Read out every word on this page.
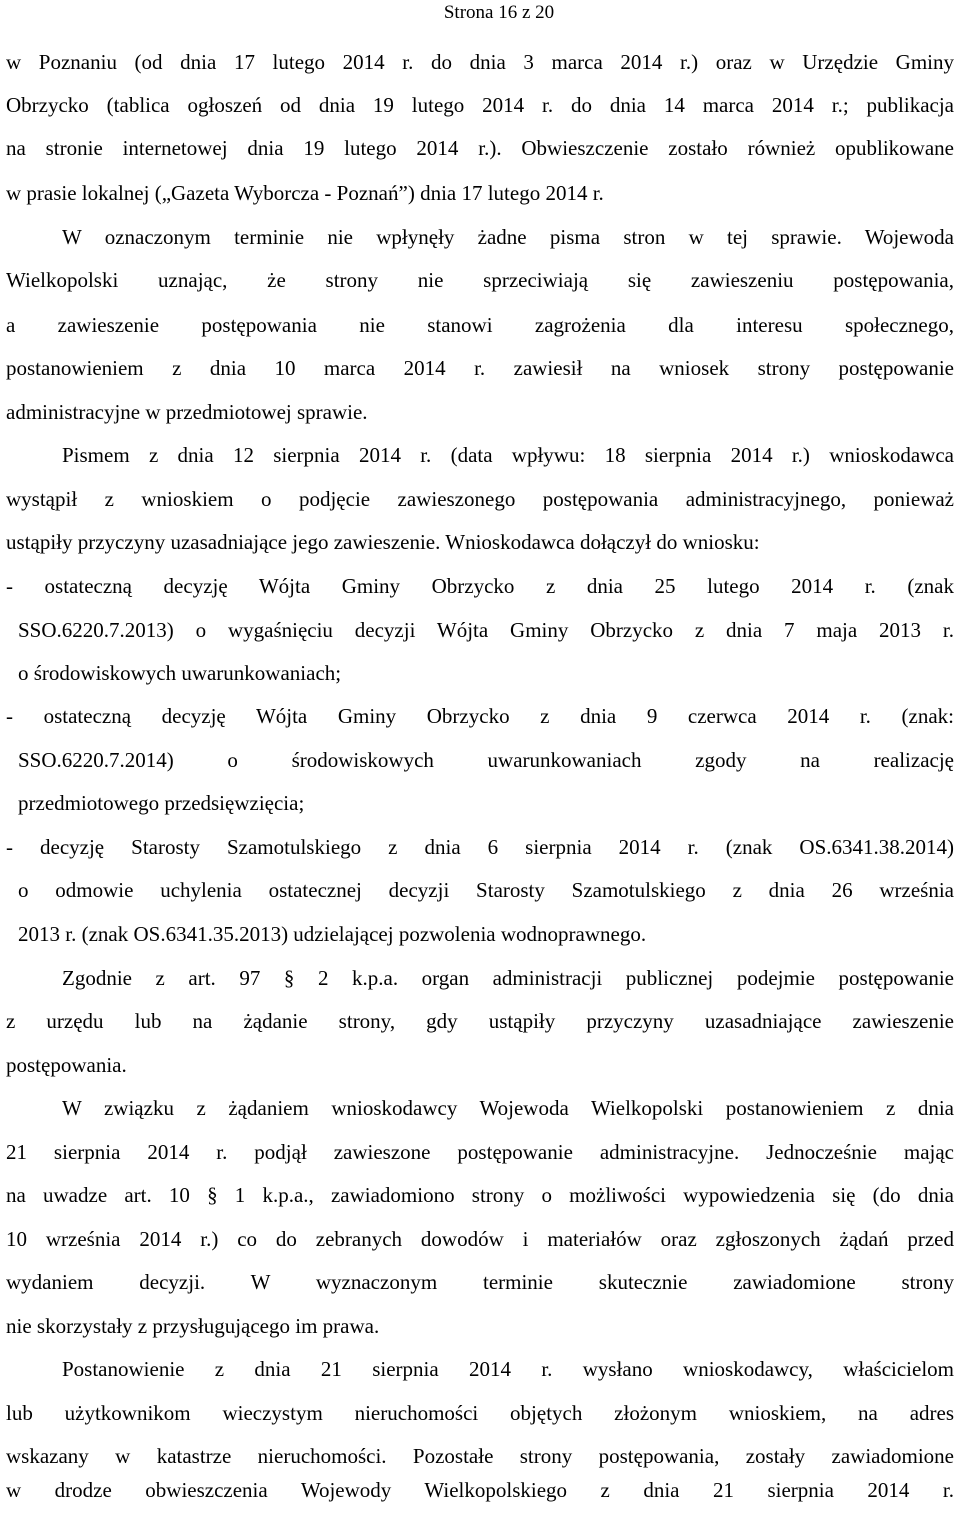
Strona 16 z 20
w Poznaniu (od dnia 17 lutego 2014 r. do dnia 3 marca 2014 r.) oraz w Urzędzie Gminy
Obrzycko (tablica ogłoszeń od dnia 19 lutego 2014 r. do dnia 14 marca 2014 r.; publikacja
na stronie internetowej dnia 19 lutego 2014 r.). Obwieszczenie zostało również opublikowane
w prasie lokalnej („Gazeta Wyborcza - Poznań”) dnia 17 lutego 2014 r.
W oznaczonym terminie nie wpłynęły żadne pisma stron w tej sprawie. Wojewoda
Wielkopolski uznając, że strony nie sprzeciwiają się zawieszeniu postępowania,
a zawieszenie postępowania nie stanowi zagrożenia dla interesu społecznego,
postanowieniem z dnia 10 marca 2014 r. zawiesił na wniosek strony postępowanie
administracyjne w przedmiotowej sprawie.
Pismem z dnia 12 sierpnia 2014 r. (data wpływu: 18 sierpnia 2014 r.) wnioskodawca
wystąpił z wnioskiem o podjęcie zawieszonego postępowania administracyjnego, ponieważ
ustąpiły przyczyny uzasadniające jego zawieszenie. Wnioskodawca dołączył do wniosku:
- ostateczną decyzję Wójta Gminy Obrzycko z dnia 25 lutego 2014 r. (znak
SSO.6220.7.2013) o wygaśnięciu decyzji Wójta Gminy Obrzycko z dnia 7 maja 2013 r.
o środowiskowych uwarunkowaniach;
- ostateczną decyzję Wójta Gminy Obrzycko z dnia 9 czerwca 2014 r. (znak:
SSO.6220.7.2014) o środowiskowych uwarunkowaniach zgody na realizację
przedmiotowego przedsięwzięcia;
- decyzję Starosty Szamotulskiego z dnia 6 sierpnia 2014 r. (znak OS.6341.38.2014)
o odmowie uchylenia ostatecznej decyzji Starosty Szamotulskiego z dnia 26 września
2013 r. (znak OS.6341.35.2013) udzielającej pozwolenia wodnoprawnego.
Zgodnie z art. 97 § 2 k.p.a. organ administracji publicznej podejmie postępowanie
z urzędu lub na żądanie strony, gdy ustąpiły przyczyny uzasadniające zawieszenie
postępowania.
W związku z żądaniem wnioskodawcy Wojewoda Wielkopolski postanowieniem z dnia
21 sierpnia 2014 r. podjął zawieszone postępowanie administracyjne. Jednocześnie mając
na uwadze art. 10 § 1 k.p.a., zawiadomiono strony o możliwości wypowiedzenia się (do dnia
10 września 2014 r.) co do zebranych dowodów i materiałów oraz zgłoszonych żądań przed
wydaniem decyzji. W wyznaczonym terminie skutecznie zawiadomione strony
nie skorzystały z przysługującego im prawa.
Postanowienie z dnia 21 sierpnia 2014 r. wysłano wnioskodawcy, właścicielom
lub użytkownikom wieczystym nieruchomości objętych złożonym wnioskiem, na adres
wskazany w katastrze nieruchomości. Pozostałe strony postępowania, zostały zawiadomione
w drodze obwieszczenia Wojewody Wielkopolskiego z dnia 21 sierpnia 2014 r.
